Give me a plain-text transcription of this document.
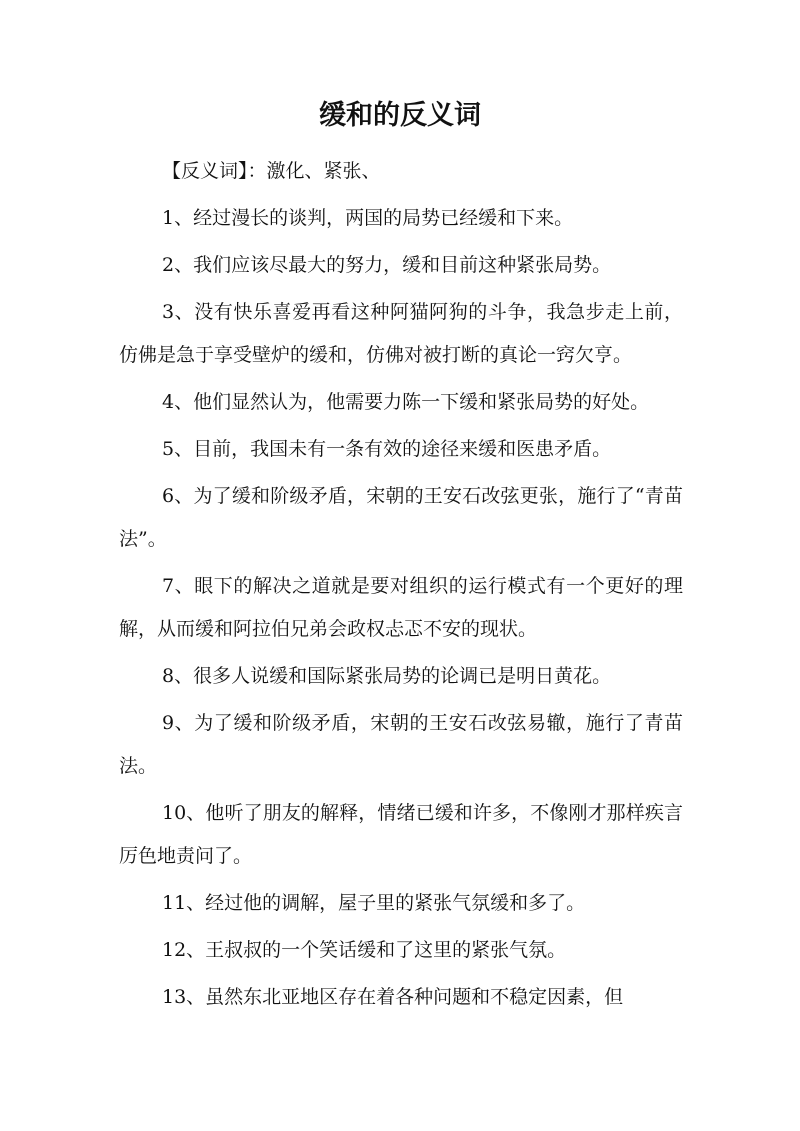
缓和的反义词

【反义词】：激化、紧张、

1、经过漫长的谈判，两国的局势已经缓和下来。

2、我们应该尽最大的努力，缓和目前这种紧张局势。

3、没有快乐喜爱再看这种阿猫阿狗的斗争，我急步走上前，仿佛是急于享受壁炉的缓和，仿佛对被打断的真论一窍欠亨。

4、他们显然认为，他需要力陈一下缓和紧张局势的好处。

5、目前，我国未有一条有效的途径来缓和医患矛盾。

6、为了缓和阶级矛盾，宋朝的王安石改弦更张，施行了“青苗法”。

7、眼下的解决之道就是要对组织的运行模式有一个更好的理解，从而缓和阿拉伯兄弟会政权忐忑不安的现状。

8、很多人说缓和国际紧张局势的论调已是明日黄花。

9、为了缓和阶级矛盾，宋朝的王安石改弦易辙，施行了青苗法。

10、他听了朋友的解释，情绪已缓和许多，不像刚才那样疾言厉色地责问了。

11、经过他的调解，屋子里的紧张气氛缓和多了。

12、王叔叔的一个笑话缓和了这里的紧张气氛。

13、虽然东北亚地区存在着各种问题和不稳定因素，但
